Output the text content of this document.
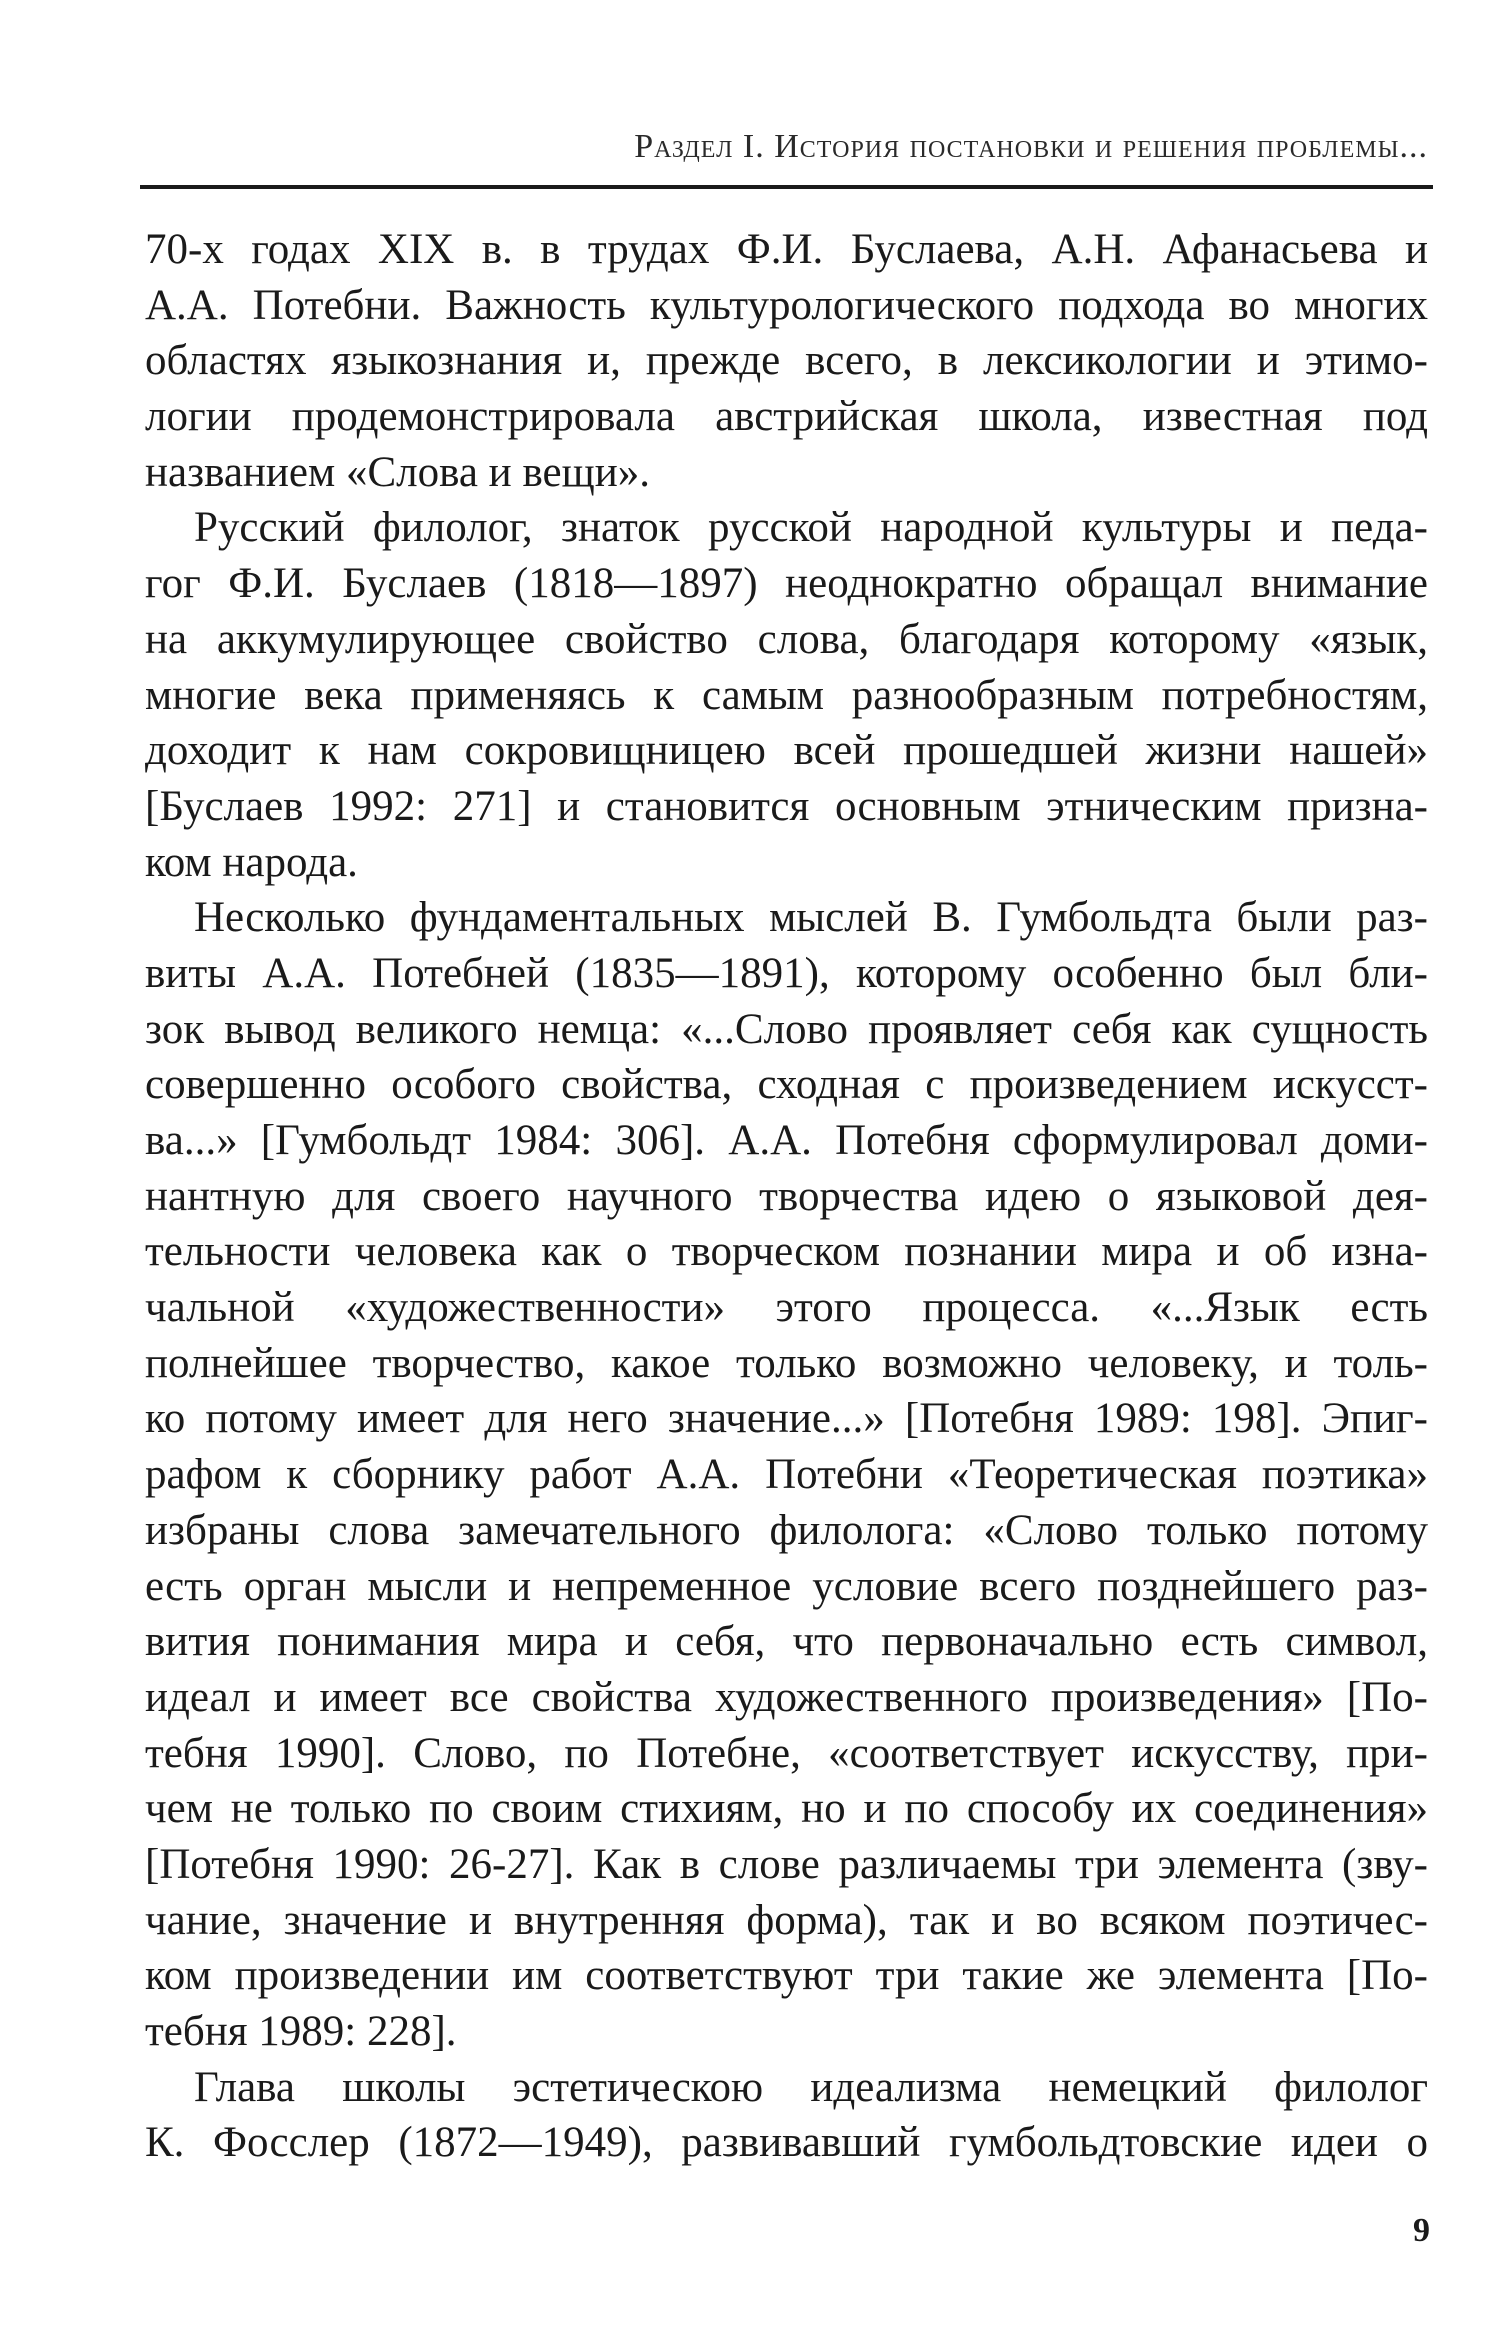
Раздел I. История постановки и решения проблемы...
70-х годах XIX в. в трудах Ф.И. Буслаева, А.Н. Афанасьева и
А.А. Потебни. Важность культурологического подхода во многих
областях языкознания и, прежде всего, в лексикологии и этимо-
логии продемонстрировала австрийская школа, известная под
названием «Слова и вещи».
Русский филолог, знаток русской народной культуры и педа-
гог Ф.И. Буслаев (1818—1897) неоднократно обращал внимание
на аккумулирующее свойство слова, благодаря которому «язык,
многие века применяясь к самым разнообразным потребностям,
доходит к нам сокровищницею всей прошедшей жизни нашей»
[Буслаев 1992: 271] и становится основным этническим призна-
ком народа.
Несколько фундаментальных мыслей В. Гумбольдта были раз-
виты А.А. Потебней (1835—1891), которому особенно был бли-
зок вывод великого немца: «...Слово проявляет себя как сущность
совершенно особого свойства, сходная с произведением искусст-
ва...» [Гумбольдт 1984: 306]. А.А. Потебня сформулировал доми-
нантную для своего научного творчества идею о языковой дея-
тельности человека как о творческом познании мира и об изна-
чальной «художественности» этого процесса. «...Язык есть
полнейшее творчество, какое только возможно человеку, и толь-
ко потому имеет для него значение...» [Потебня 1989: 198]. Эпиг-
рафом к сборнику работ А.А. Потебни «Теоретическая поэтика»
избраны слова замечательного филолога: «Слово только потому
есть орган мысли и непременное условие всего позднейшего раз-
вития понимания мира и себя, что первоначально есть символ,
идеал и имеет все свойства художественного произведения» [По-
тебня 1990]. Слово, по Потебне, «соответствует искусству, при-
чем не только по своим стихиям, но и по способу их соединения»
[Потебня 1990: 26-27]. Как в слове различаемы три элемента (зву-
чание, значение и внутренняя форма), так и во всяком поэтичес-
ком произведении им соответствуют три такие же элемента [По-
тебня 1989: 228].
Глава школы эстетическою идеализма немецкий филолог
К. Фосслер (1872—1949), развивавший гумбольдтовские идеи о
9
